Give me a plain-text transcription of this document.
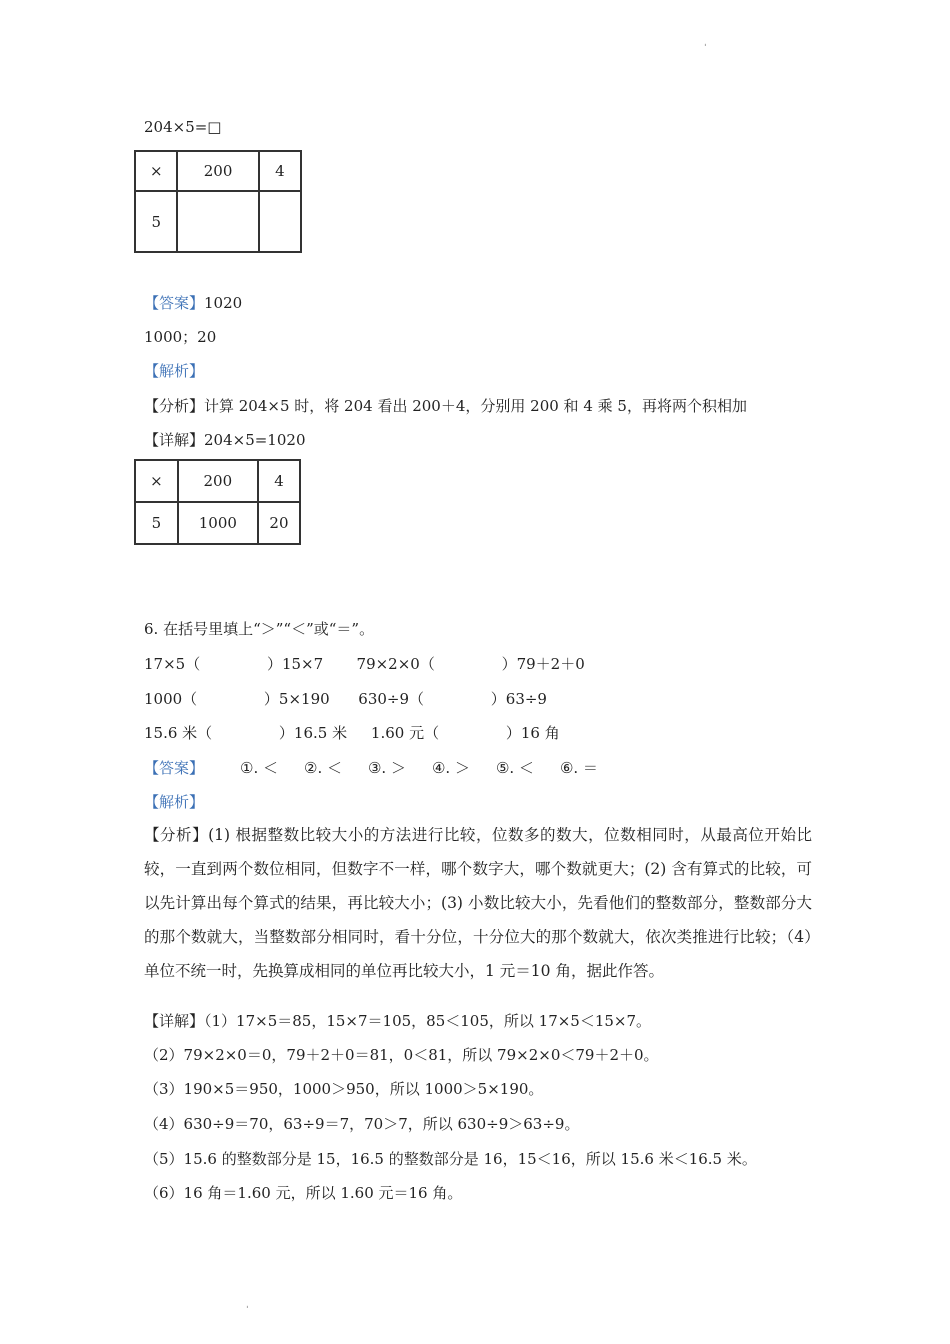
ˌ
204×5=□
×	200	4
5		
【答案】1020
1000；20
【解析】
【分析】计算 204×5 时，将 204 看出 200＋4，分别用 200 和 4 乘 5，再将两个积相加
【详解】204×5=1020
×	200	4
5	1000	20
6. 在括号里填上“＞”“＜”或“＝”。
17×5（              ）15×7       79×2×0（              ）79＋2＋0
1000（              ）5×190      630÷9（              ）63÷9
15.6 米（              ）16.5 米     1.60 元（              ）16 角
【答案】 ①. ＜ ②. ＜ ③. ＞ ④. ＞ ⑤. ＜ ⑥. ＝
【解析】
【分析】(1) 根据整数比较大小的方法进行比较，位数多的数大，位数相同时，从最高位开始比较，一直到两个数位相同，但数字不一样，哪个数字大，哪个数就更大；(2) 含有算式的比较，可以先计算出每个算式的结果，再比较大小；(3) 小数比较大小，先看他们的整数部分，整数部分大的那个数就大，当整数部分相同时，看十分位，十分位大的那个数就大，依次类推进行比较；（4）单位不统一时，先换算成相同的单位再比较大小，1 元＝10 角，据此作答。
【详解】（1）17×5＝85，15×7＝105，85＜105，所以 17×5＜15×7。
（2）79×2×0＝0，79＋2＋0＝81，0＜81，所以 79×2×0＜79＋2＋0。
（3）190×5＝950，1000＞950，所以 1000＞5×190。
（4）630÷9＝70，63÷9＝7，70＞7，所以 630÷9＞63÷9。
（5）15.6 的整数部分是 15，16.5 的整数部分是 16，15＜16，所以 15.6 米＜16.5 米。
（6）16 角＝1.60 元，所以 1.60 元＝16 角。
ˌ
